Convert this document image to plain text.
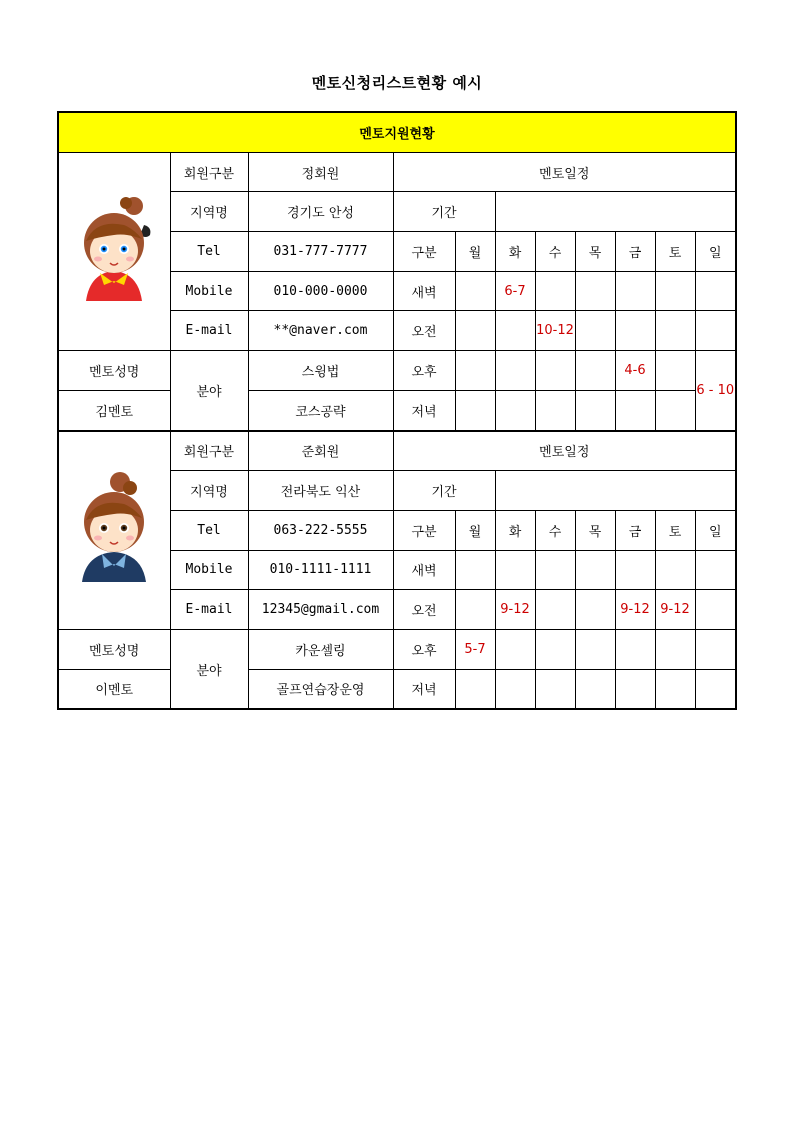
멘토신청리스트현황 예시
멘토지원현황										

	회원구분	정회원	멘토일정							
	지역명	경기도 안성	기간							
	Tel	031-777-7777	구분	월	화	수	목	금	토	일
	Mobile	010-000-0000	새벽		6-7					
	E-mail	**@naver.com	오전			10-12				
멘토성명	분야	스윙법	오후					4-6		6 - 10
김멘토		코스공략	저녁							

	회원구분	준회원	멘토일정							
	지역명	전라북도 익산	기간							
	Tel	063-222-5555	구분	월	화	수	목	금	토	일
	Mobile	010-1111-1111	새벽							
	E-mail	12345@gmail.com	오전		9-12			9-12	9-12	
멘토성명	분야	카운셀링	오후	5-7						
이멘토		골프연습장운영	저녁							
